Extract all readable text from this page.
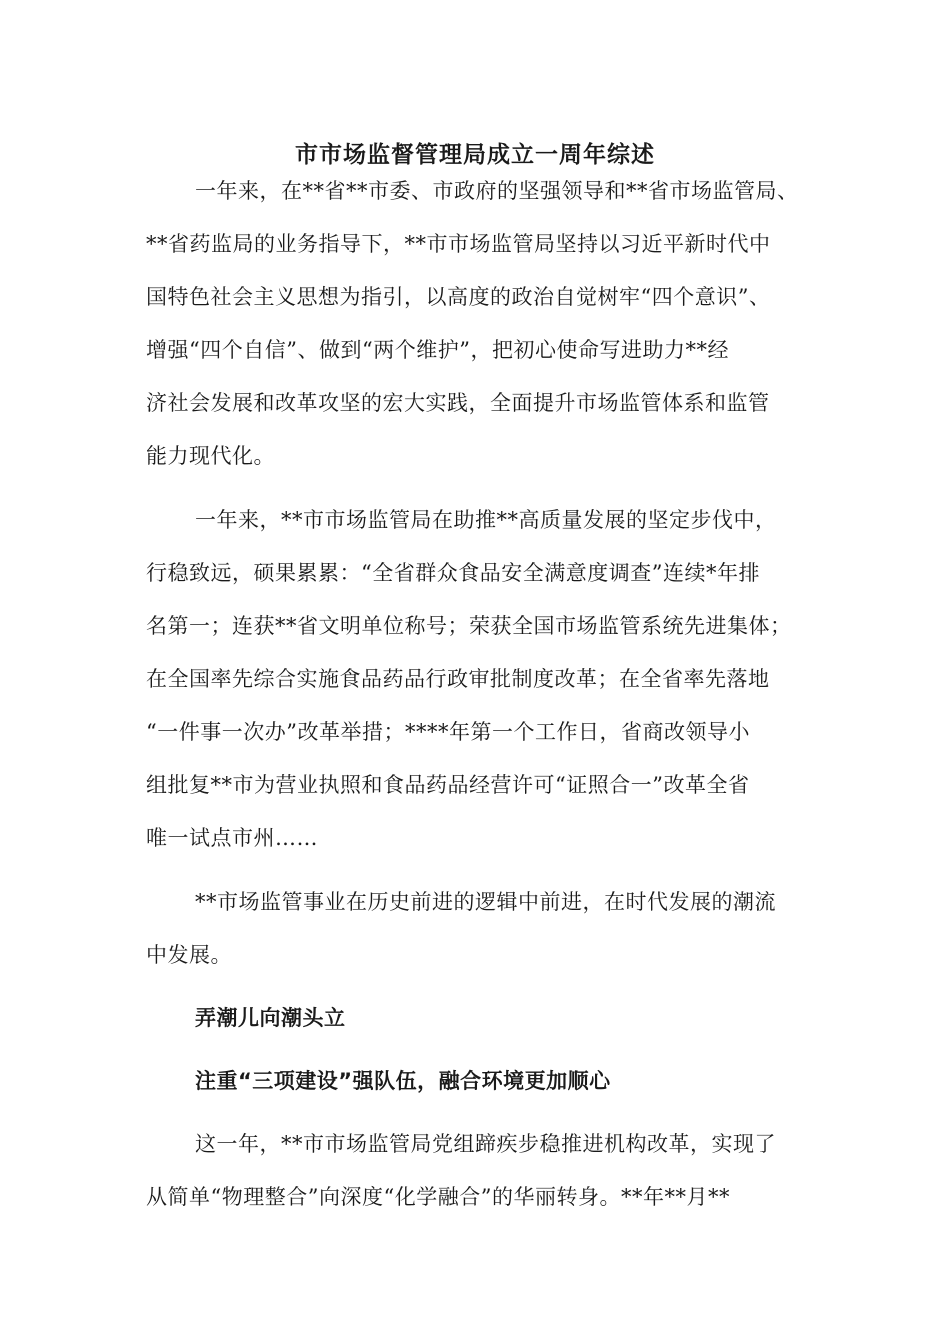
市市场监督管理局成立一周年综述
一年来，在**省**市委、市政府的坚强领导和**省市场监管局、
**省药监局的业务指导下，**市市场监管局坚持以习近平新时代中
国特色社会主义思想为指引，以高度的政治自觉树牢“四个意识”、
增强“四个自信”、做到“两个维护”，把初心使命写进助力**经
济社会发展和改革攻坚的宏大实践，全面提升市场监管体系和监管
能力现代化。
一年来，**市市场监管局在助推**高质量发展的坚定步伐中，
行稳致远，硕果累累：“全省群众食品安全满意度调查”连续*年排
名第一；连获**省文明单位称号；荣获全国市场监管系统先进集体；
在全国率先综合实施食品药品行政审批制度改革；在全省率先落地
“一件事一次办”改革举措；****年第一个工作日，省商改领导小
组批复**市为营业执照和食品药品经营许可“证照合一”改革全省
唯一试点市州……
**市场监管事业在历史前进的逻辑中前进，在时代发展的潮流
中发展。
弄潮儿向潮头立
注重“三项建设”强队伍，融合环境更加顺心
这一年，**市市场监管局党组蹄疾步稳推进机构改革，实现了
从简单“物理整合”向深度“化学融合”的华丽转身。**年**月**
